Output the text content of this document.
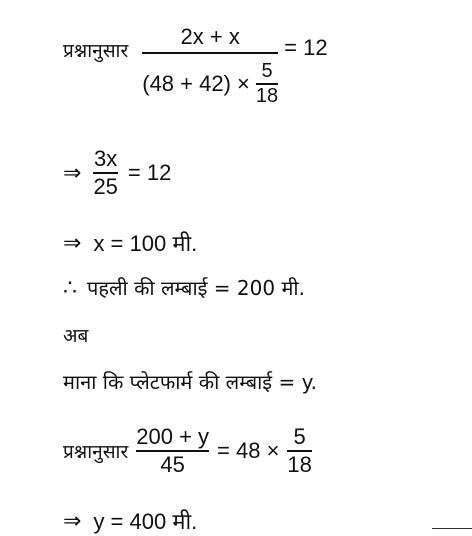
प्रश्नानुसार $\frac{2x + x}{(48 + 42) \times \frac{5}{18}} = 12$
⇒ $\frac{3x}{25} = 12$
⇒ x = 100 मी.
∴ पहली की लम्बाई = 200 मी.
अब
माना कि प्लेटफार्म की लम्बाई = y.
प्रश्नानुसार $\frac{200 + y}{45} = 48 \times \frac{5}{18}$
⇒ y = 400 मी.
